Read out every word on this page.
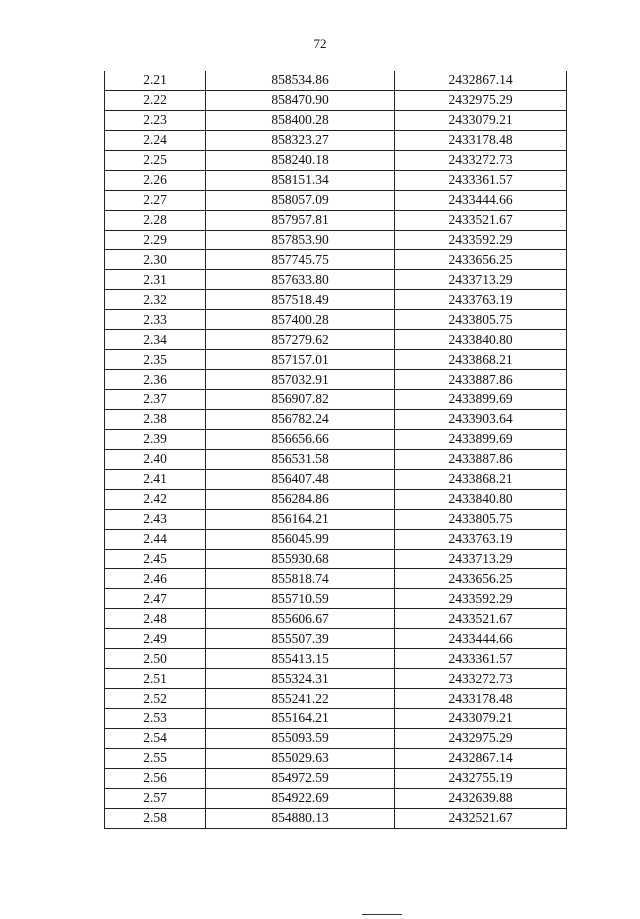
72
2.21	858534.86	2432867.14
2.22	858470.90	2432975.29
2.23	858400.28	2433079.21
2.24	858323.27	2433178.48
2.25	858240.18	2433272.73
2.26	858151.34	2433361.57
2.27	858057.09	2433444.66
2.28	857957.81	2433521.67
2.29	857853.90	2433592.29
2.30	857745.75	2433656.25
2.31	857633.80	2433713.29
2.32	857518.49	2433763.19
2.33	857400.28	2433805.75
2.34	857279.62	2433840.80
2.35	857157.01	2433868.21
2.36	857032.91	2433887.86
2.37	856907.82	2433899.69
2.38	856782.24	2433903.64
2.39	856656.66	2433899.69
2.40	856531.58	2433887.86
2.41	856407.48	2433868.21
2.42	856284.86	2433840.80
2.43	856164.21	2433805.75
2.44	856045.99	2433763.19
2.45	855930.68	2433713.29
2.46	855818.74	2433656.25
2.47	855710.59	2433592.29
2.48	855606.67	2433521.67
2.49	855507.39	2433444.66
2.50	855413.15	2433361.57
2.51	855324.31	2433272.73
2.52	855241.22	2433178.48
2.53	855164.21	2433079.21
2.54	855093.59	2432975.29
2.55	855029.63	2432867.14
2.56	854972.59	2432755.19
2.57	854922.69	2432639.88
2.58	854880.13	2432521.67
